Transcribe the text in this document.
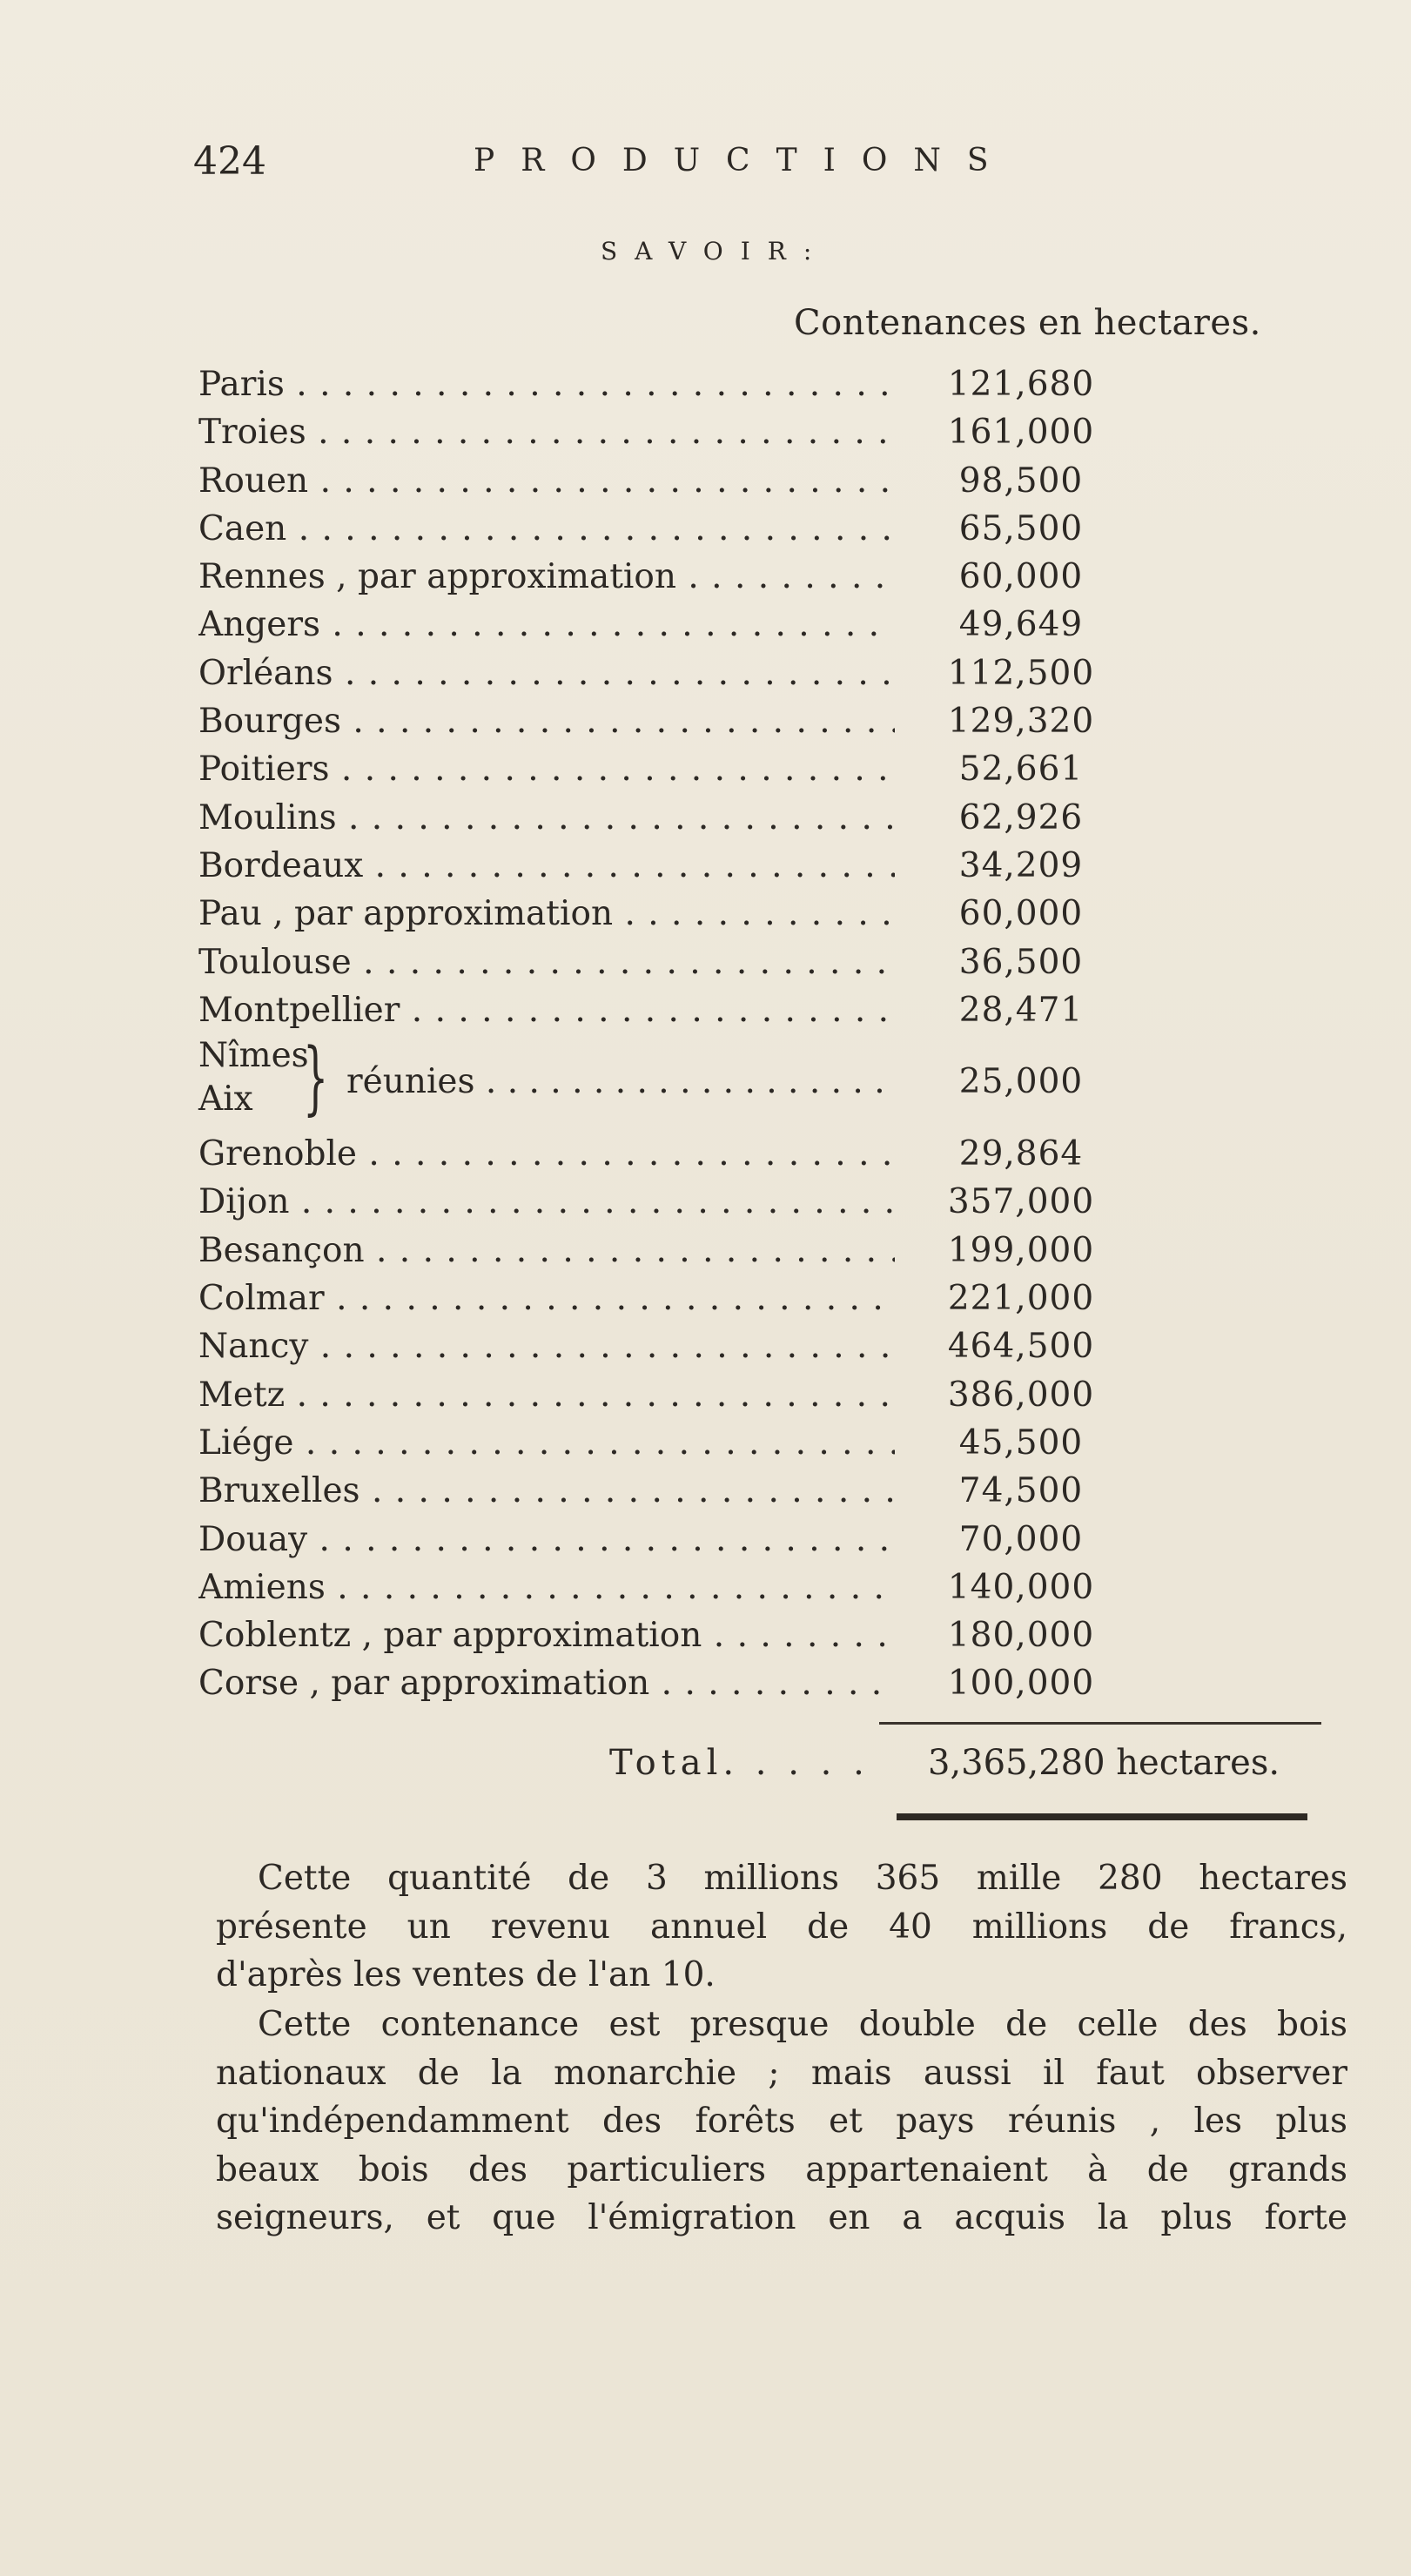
424	PRODUCTIONS
SAVOIR:
Contenances en hectares.
Paris . . .	121,680
Troies . . .	161,000
Rouen . . .	98,500
Caen . . .	65,500
Rennes , par approximation . . .	60,000
Angers . . .	49,649
Orléans . . .	112,500
Bourges . . .	129,320
Poitiers . . .	52,661
Moulins . . .	62,926
Bordeaux . . .	34,209
Pau , par approximation . . .	60,000
Toulouse . . .	36,500
Montpellier . . .	28,471
Nîmes
Aix } réunies . . .	25,000
Grenoble . . .	29,864
Dijon . . .	357,000
Besançon . . .	199,000
Colmar . . .	221,000
Nancy . . .	464,500
Metz . . .	386,000
Liége . . .	45,500
Bruxelles . . .	74,500
Douay . . .	70,000
Amiens . . .	140,000
Coblentz , par approximation . . .	180,000
Corse , par approximation . . .	100,000
Total. . . . . 3,365,280 hectares.
Cette quantité de 3 millions 365 mille 280 hectares
présente un revenu annuel de 40 millions de francs,
d'après les ventes de l'an 10.
Cette contenance est presque double de celle des bois
nationaux de la monarchie ; mais aussi il faut observer
qu'indépendamment des forêts et pays réunis , les plus
beaux bois des particuliers appartenaient à de grands
seigneurs, et que l'émigration en a acquis la plus forte
